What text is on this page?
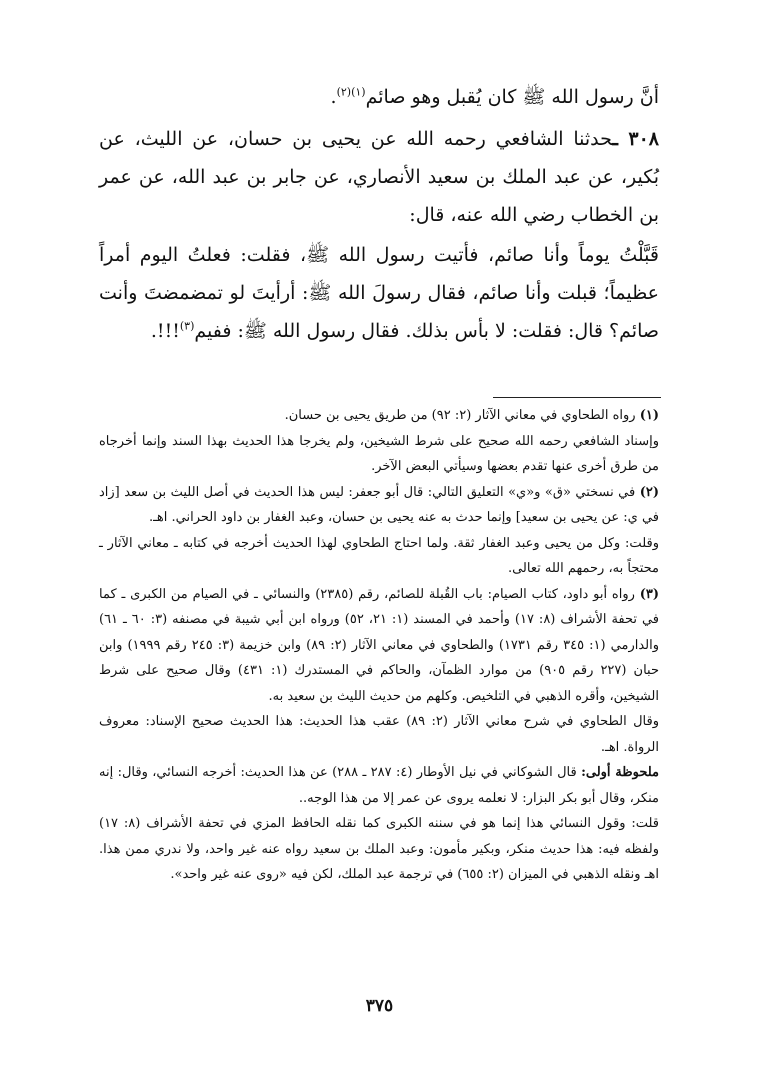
أنَّ رسول الله ﷺ كان يُقبل وهو صائم$^{(١)(٢)}$.

٣٠٨ ـحدثنا الشافعي رحمه الله عن يحيى بن حسان، عن الليث، عن بُكير، عن عبد الملك بن سعيد الأنصاري، عن جابر بن عبد الله، عن عمر بن الخطاب رضي الله عنه، قال:

قَبَّلْتُ يوماً وأنا صائم، فأتيت رسول الله ﷺ، فقلت: فعلتُ اليوم أمراً عظيماً؛ قبلت وأنا صائم، فقال رسولَ الله ﷺ: أرأيتَ لو تمضمضتَ وأنت صائم؟ قال: فقلت: لا بأس بذلك. فقال رسول الله ﷺ: ففيم$^{(٣)}$!!!.

(١) رواه الطحاوي في معاني الآثار (٢: ٩٢) من طريق يحيى بن حسان.

وإسناد الشافعي رحمه الله صحيح على شرط الشيخين، ولم يخرجا هذا الحديث بهذا السند وإنما أخرجاه من طرق أخرى عنها تقدم بعضها وسيأتي البعض الآخر.

(٢) في نسختي «ق» و«ي» التعليق التالي: قال أبو جعفر: ليس هذا الحديث في أصل الليث بن سعد [زاد في ي: عن يحيى بن سعيد] وإنما حدث به عنه يحيى بن حسان، وعبد الغفار بن داود الحراني. اهـ.

وقلت: وكل من يحيى وعبد الغفار ثقة. ولما احتاج الطحاوي لهذا الحديث أخرجه في كتابه ـ معاني الآثار ـ محتجاً به، رحمهم الله تعالى.

(٣) رواه أبو داود، كتاب الصيام: باب القُبلة للصائم، رقم (٢٣٨٥) والنسائي ـ في الصيام من الكبرى ـ كما في تحفة الأشراف (٨: ١٧) وأحمد في المسند (١: ٢١، ٥٢) ورواه ابن أبي شيبة في مصنفه (٣: ٦٠ ـ ٦١) والدارمي (١: ٣٤٥ رقم ١٧٣١) والطحاوي في معاني الآثار (٢: ٨٩) وابن خزيمة (٣: ٢٤٥ رقم ١٩٩٩) وابن حبان (٢٢٧ رقم ٩٠٥) من موارد الظمآن، والحاكم في المستدرك (١: ٤٣١) وقال صحيح على شرط الشيخين، وأقره الذهبي في التلخيص. وكلهم من حديث الليث بن سعيد به.

وقال الطحاوي في شرح معاني الآثار (٢: ٨٩) عقب هذا الحديث: هذا الحديث صحيح الإسناد: معروف الرواة. اهـ.

ملحوظة أولى: قال الشوكاني في نيل الأوطار (٤: ٢٨٧ ـ ٢٨٨) عن هذا الحديث: أخرجه النسائي، وقال: إنه منكر، وقال أبو بكر البزار: لا نعلمه يروى عن عمر إلا من هذا الوجه..

قلت: وقول النسائي هذا إنما هو في سننه الكبرى كما نقله الحافظ المزي في تحفة الأشراف (٨: ١٧) ولفظه فيه: هذا حديث منكر، وبكير مأمون: وعبد الملك بن سعيد رواه عنه غير واحد، ولا ندري ممن هذا. اهـ ونقله الذهبي في الميزان (٢: ٦٥٥) في ترجمة عبد الملك، لكن فيه «روى عنه غير واحد».

٣٧٥
